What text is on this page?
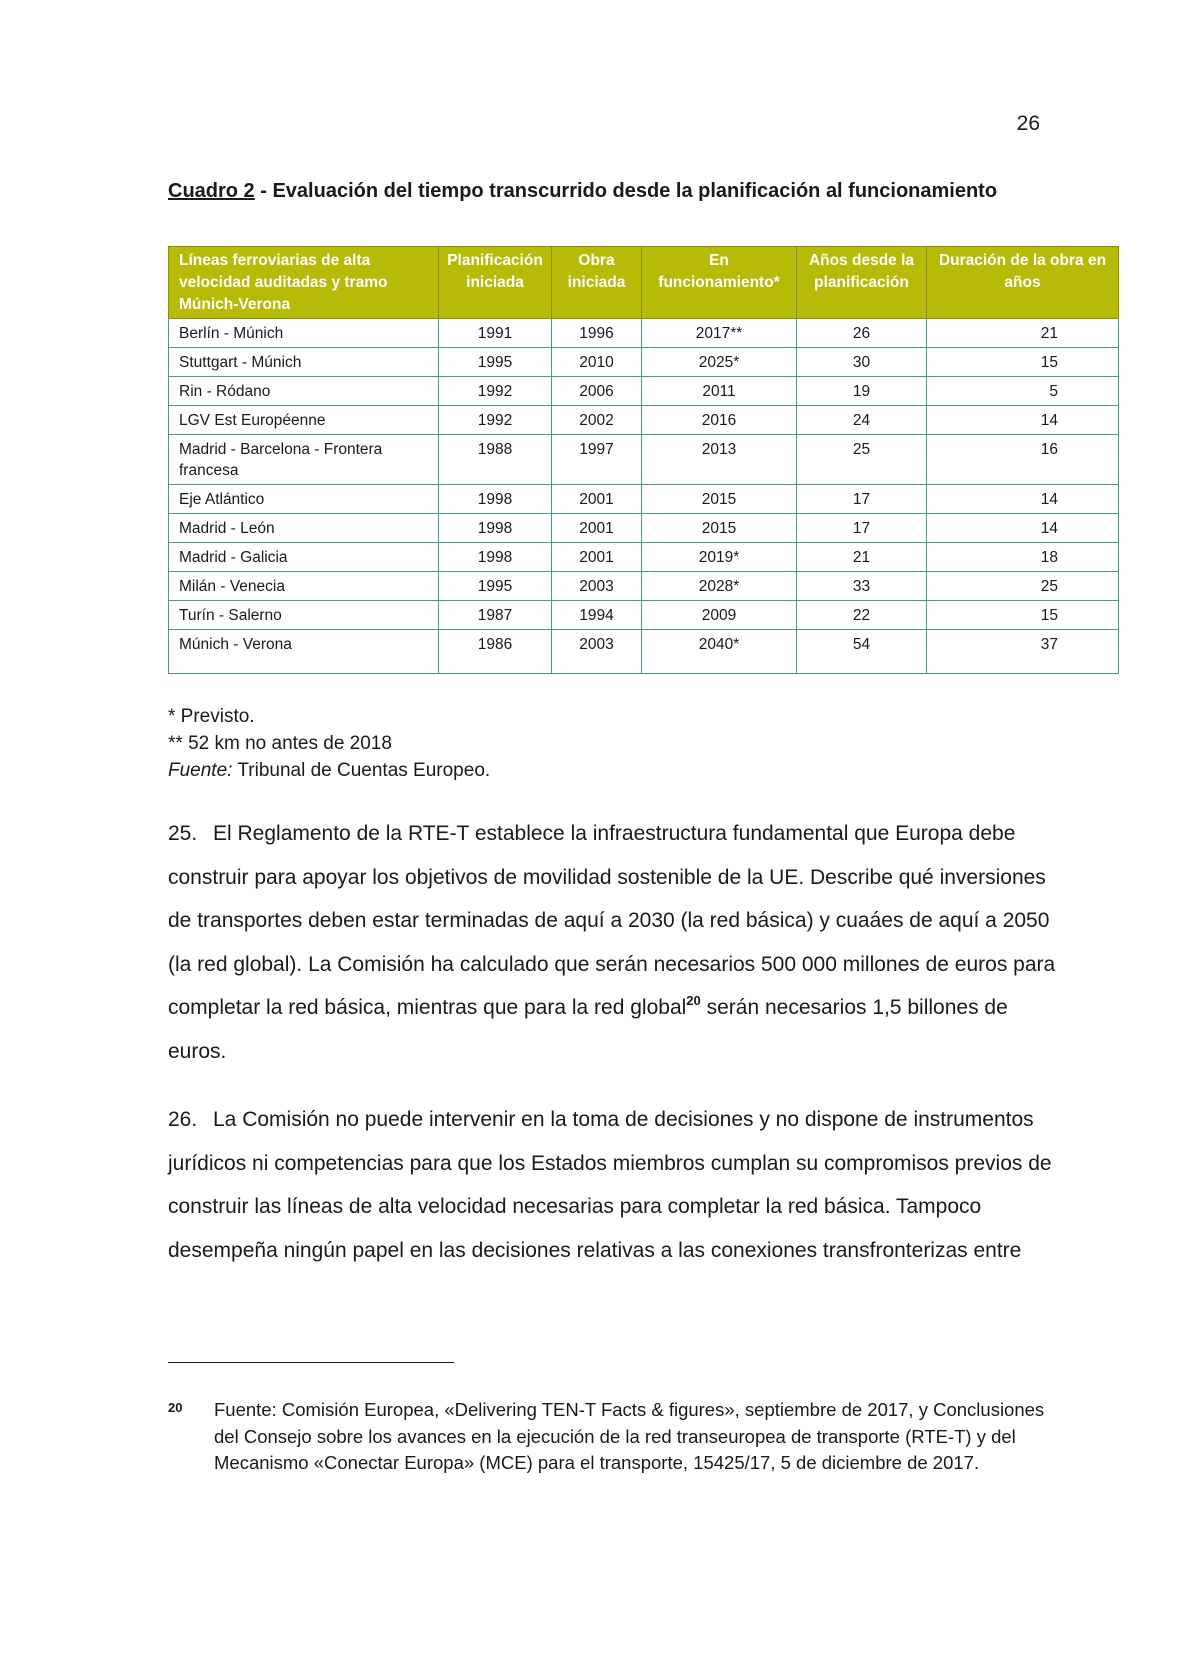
26
Cuadro 2 - Evaluación del tiempo transcurrido desde la planificación al funcionamiento
Líneas ferroviarias de alta velocidad auditadas y tramo Múnich-Verona	Planificación iniciada	Obra iniciada	En funcionamiento*	Años desde la planificación	Duración de la obra en años
Berlín - Múnich	1991	1996	2017**	26	21
Stuttgart - Múnich	1995	2010	2025*	30	15
Rin - Ródano	1992	2006	2011	19	5
LGV Est Européenne	1992	2002	2016	24	14
Madrid - Barcelona - Frontera francesa	1988	1997	2013	25	16
Eje Atlántico	1998	2001	2015	17	14
Madrid - León	1998	2001	2015	17	14
Madrid - Galicia	1998	2001	2019*	21	18
Milán - Venecia	1995	2003	2028*	33	25
Turín - Salerno	1987	1994	2009	22	15
Múnich - Verona	1986	2003	2040*	54	37
* Previsto.
** 52 km no antes de 2018
Fuente: Tribunal de Cuentas Europeo.
25. El Reglamento de la RTE-T establece la infraestructura fundamental que Europa debe construir para apoyar los objetivos de movilidad sostenible de la UE. Describe qué inversiones de transportes deben estar terminadas de aquí a 2030 (la red básica) y cuaáes de aquí a 2050 (la red global). La Comisión ha calculado que serán necesarios 500 000 millones de euros para completar la red básica, mientras que para la red global$^{20}$ serán necesarios 1,5 billones de euros.
26. La Comisión no puede intervenir en la toma de decisiones y no dispone de instrumentos jurídicos ni competencias para que los Estados miembros cumplan su compromisos previos de construir las líneas de alta velocidad necesarias para completar la red básica. Tampoco desempeña ningún papel en las decisiones relativas a las conexiones transfronterizas entre
20 Fuente: Comisión Europea, «Delivering TEN-T Facts & figures», septiembre de 2017, y Conclusiones del Consejo sobre los avances en la ejecución de la red transeuropea de transporte (RTE-T) y del Mecanismo «Conectar Europa» (MCE) para el transporte, 15425/17, 5 de diciembre de 2017.
